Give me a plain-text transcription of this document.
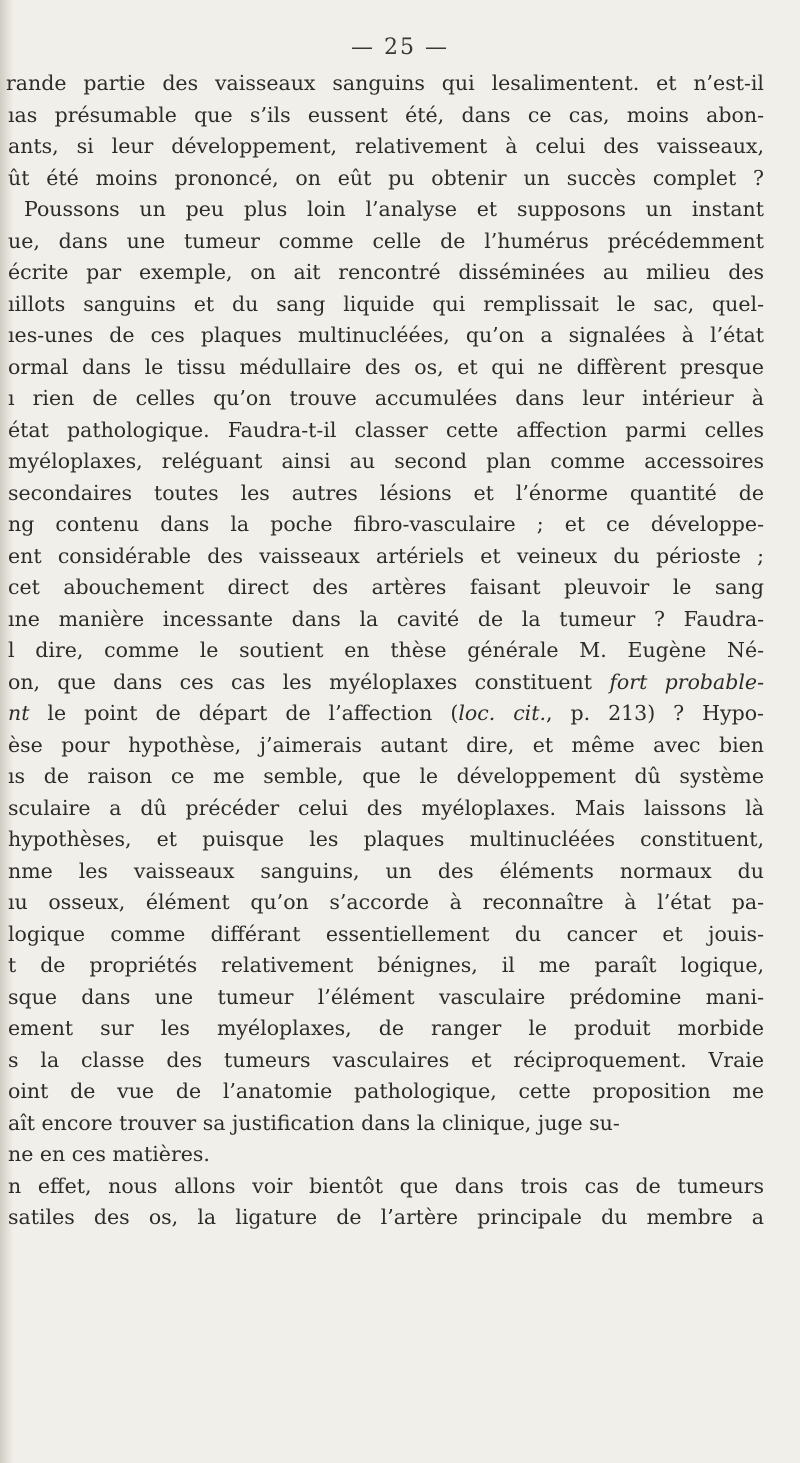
— 25 —
rande partie des vaisseaux sanguins qui lesalimentent. et n’est-il
ıas présumable que s’ils eussent été, dans ce cas, moins abon-
ants, si leur développement, relativement à celui des vaisseaux,
ût été moins prononcé, on eût pu obtenir un succès complet ?
Poussons un peu plus loin l’analyse et supposons un instant
ue, dans une tumeur comme celle de l’humérus précédemment
écrite par exemple, on ait rencontré disséminées au milieu des
ıillots sanguins et du sang liquide qui remplissait le sac, quel-
ıes-unes de ces plaques multinucléées, qu’on a signalées à l’état
ormal dans le tissu médullaire des os, et qui ne diffèrent presque
ı rien de celles qu’on trouve accumulées dans leur intérieur à
état pathologique. Faudra-t-il classer cette affection parmi celles
myéloplaxes, reléguant ainsi au second plan comme accessoires
secondaires toutes les autres lésions et l’énorme quantité de
ng contenu dans la poche fibro-vasculaire ; et ce développe-
ent considérable des vaisseaux artériels et veineux du périoste ;
cet abouchement direct des artères faisant pleuvoir le sang
ıne manière incessante dans la cavité de la tumeur ? Faudra-
l dire, comme le soutient en thèse générale M. Eugène Né-
on, que dans ces cas les myéloplaxes constituent fort probable-
nt le point de départ de l’affection (loc. cit., p. 213) ? Hypo-
èse pour hypothèse, j’aimerais autant dire, et même avec bien
ıs de raison ce me semble, que le développement dû système
sculaire a dû précéder celui des myéloplaxes. Mais laissons là
hypothèses, et puisque les plaques multinucléées constituent,
nme les vaisseaux sanguins, un des éléments normaux du
ıu osseux, élément qu’on s’accorde à reconnaître à l’état pa-
logique comme différant essentiellement du cancer et jouis-
t de propriétés relativement bénignes, il me paraît logique,
sque dans une tumeur l’élément vasculaire prédomine mani-
ement sur les myéloplaxes, de ranger le produit morbide
s la classe des tumeurs vasculaires et réciproquement. Vraie
oint de vue de l’anatomie pathologique, cette proposition me
aît encore trouver sa justification dans la clinique, juge su-
ne en ces matières.
n effet, nous allons voir bientôt que dans trois cas de tumeurs
satiles des os, la ligature de l’artère principale du membre a
